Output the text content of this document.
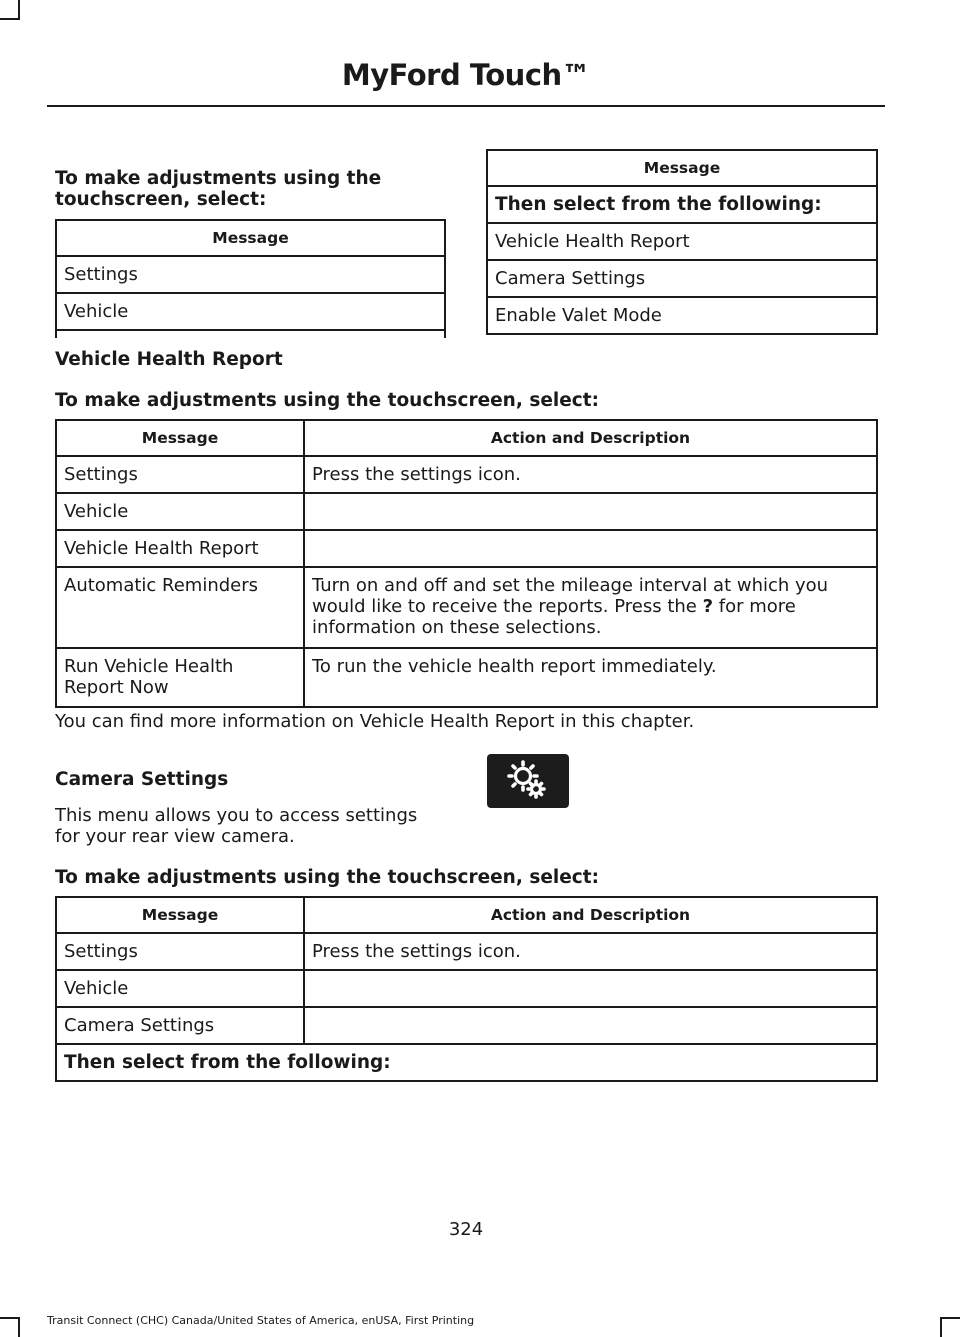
MyFord Touch™
To make adjustments using the touchscreen, select:
Message
Settings
Vehicle

Message
Then select from the following:
Vehicle Health Report
Camera Settings
Enable Valet Mode
Vehicle Health Report
To make adjustments using the touchscreen, select:
Message	Action and Description
Settings	Press the settings icon.
Vehicle	
Vehicle Health Report	
Automatic Reminders	Turn on and off and set the mileage interval at which you would like to receive the reports. Press the ? for more information on these selections.
Run Vehicle Health Report Now	To run the vehicle health report immediately.
You can find more information on Vehicle Health Report in this chapter.
Camera Settings
This menu allows you to access settings for your rear view camera.
To make adjustments using the touchscreen, select:
Message	Action and Description
Settings	Press the settings icon.
Vehicle	
Camera Settings	
Then select from the following:	
324
Transit Connect (CHC) Canada/United States of America, enUSA, First Printing
